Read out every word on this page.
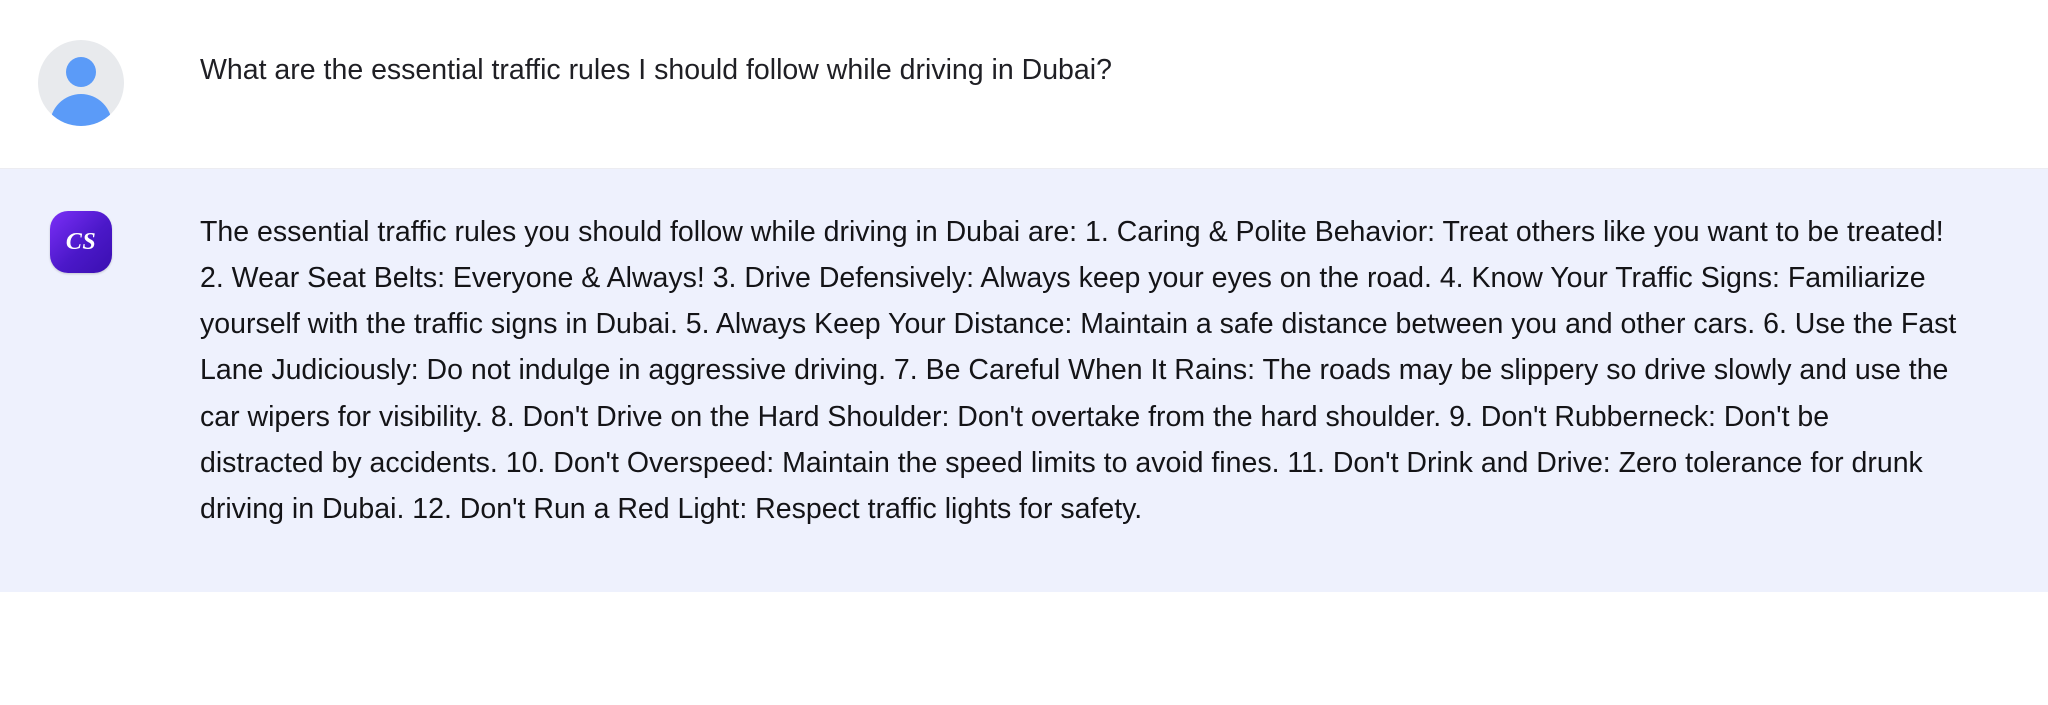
What are the essential traffic rules I should follow while driving in Dubai?

CS	The essential traffic rules you should follow while driving in Dubai are: 1. Caring & Polite Behavior: Treat others like you want to be treated! 2. Wear Seat Belts: Everyone & Always! 3. Drive Defensively: Always keep your eyes on the road. 4. Know Your Traffic Signs: Familiarize yourself with the traffic signs in Dubai. 5. Always Keep Your Distance: Maintain a safe distance between you and other cars. 6. Use the Fast Lane Judiciously: Do not indulge in aggressive driving. 7. Be Careful When It Rains: The roads may be slippery so drive slowly and use the car wipers for visibility. 8. Don't Drive on the Hard Shoulder: Don't overtake from the hard shoulder. 9. Don't Rubberneck: Don't be distracted by accidents. 10. Don't Overspeed: Maintain the speed limits to avoid fines. 11. Don't Drink and Drive: Zero tolerance for drunk driving in Dubai. 12. Don't Run a Red Light: Respect traffic lights for safety.
